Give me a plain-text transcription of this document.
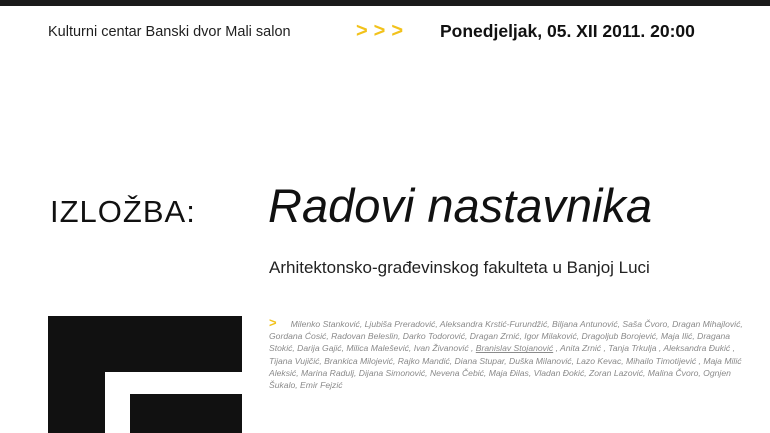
Kulturni centar Banski dvor Mali salon	>>> Ponedjeljak, 05. XII 2011. 20:00
IZLOŽBA: Radovi nastavnika
Arhitektonsko-građevinskog fakulteta u Banjoj Luci
> Milenko Stanković, Ljubiša Preradović, Aleksandra Krstić-Furundžić, Biljana Antunović, Saša Čvoro, Dragan Mihajlović, Gordana Ćosić, Radovan Beleslin, Darko Todorović, Dragan Zrnić, Igor Milaković, Dragoljub Borojević, Maja Ilić, Dragana Stokić, Darija Gajić, Milica Malešević, Ivan Živanović , Branislav Stojanović , Anita Zrnić , Tanja Trkulja , Aleksandra Đukić , Tijana Vujičić, Brankica Milojević, Rajko Mandić, Diana Stupar, Duška Milanović, Lazo Kevac, Mihailo Timotijević , Maja Milić Aleksić, Marina Radulj, Dijana Simonović, Nevena Čebić, Maja Đilas, Vladan Đokić, Zoran Lazović, Malina Čvoro, Ognjen Šukalo, Emir Fejzić
